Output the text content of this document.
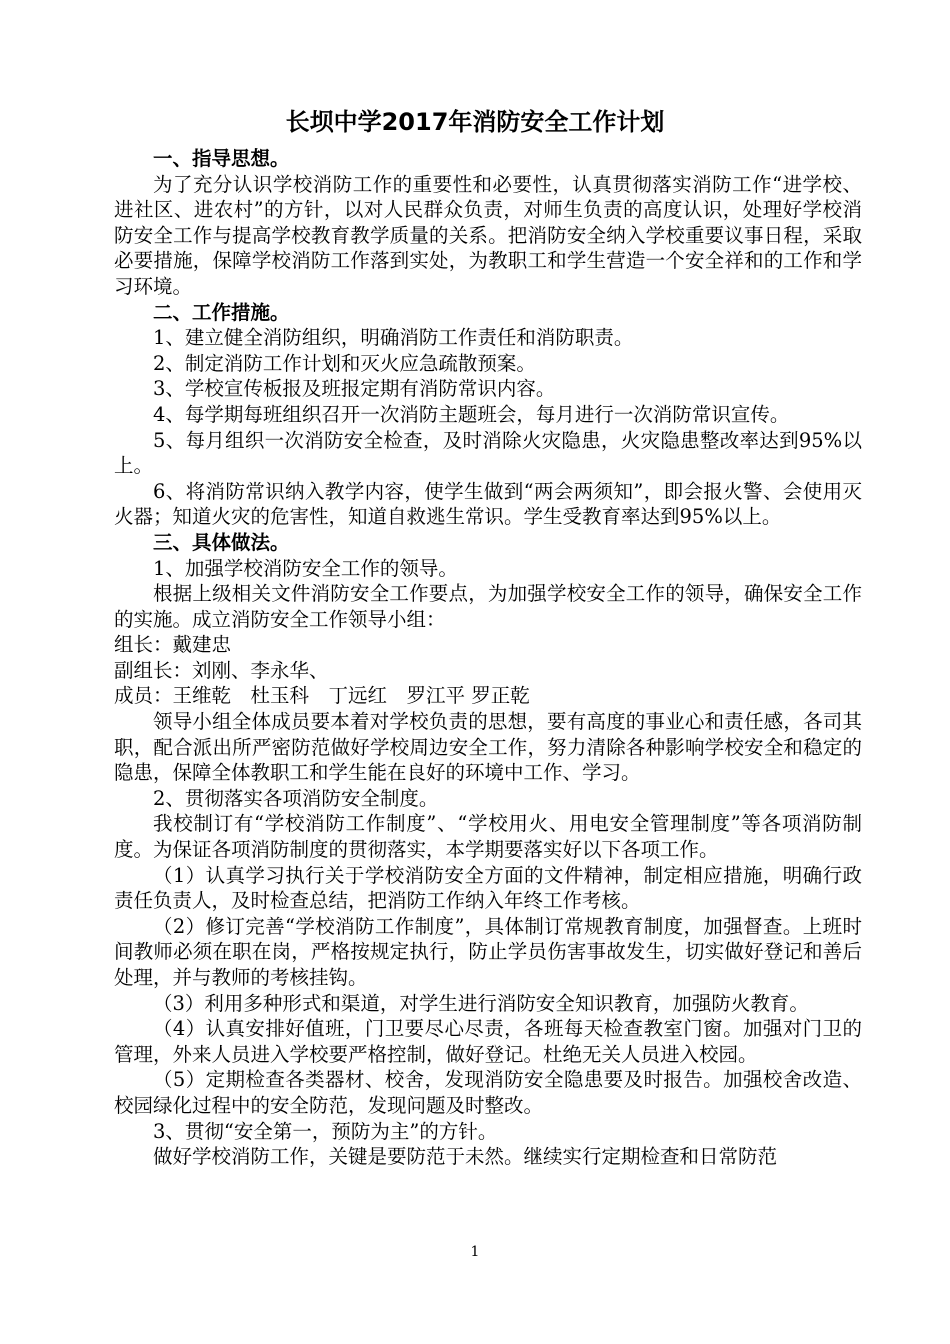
长坝中学2017年消防安全工作计划

一、指导思想。

为了充分认识学校消防工作的重要性和必要性，认真贯彻落实消防工作“进学校、进社区、进农村”的方针，以对人民群众负责，对师生负责的高度认识，处理好学校消防安全工作与提高学校教育教学质量的关系。把消防安全纳入学校重要议事日程，采取必要措施，保障学校消防工作落到实处，为教职工和学生营造一个安全祥和的工作和学习环境。

二、工作措施。

1、建立健全消防组织，明确消防工作责任和消防职责。

2、制定消防工作计划和灭火应急疏散预案。

3、学校宣传板报及班报定期有消防常识内容。

4、每学期每班组织召开一次消防主题班会，每月进行一次消防常识宣传。

5、每月组织一次消防安全检查，及时消除火灾隐患，火灾隐患整改率达到95%以上。

6、将消防常识纳入教学内容，使学生做到“两会两须知”，即会报火警、会使用灭火器；知道火灾的危害性，知道自救逃生常识。学生受教育率达到95%以上。

三、具体做法。

1、加强学校消防安全工作的领导。

根据上级相关文件消防安全工作要点，为加强学校安全工作的领导，确保安全工作的实施。成立消防安全工作领导小组：

组长：戴建忠

副组长：刘刚、李永华、

成员：王维乾　杜玉科　丁远红　罗江平 罗正乾

领导小组全体成员要本着对学校负责的思想，要有高度的事业心和责任感，各司其职，配合派出所严密防范做好学校周边安全工作，努力清除各种影响学校安全和稳定的隐患，保障全体教职工和学生能在良好的环境中工作、学习。

2、贯彻落实各项消防安全制度。

我校制订有“学校消防工作制度”、“学校用火、用电安全管理制度”等各项消防制度。为保证各项消防制度的贯彻落实，本学期要落实好以下各项工作。

（1）认真学习执行关于学校消防安全方面的文件精神，制定相应措施，明确行政责任负责人，及时检查总结，把消防工作纳入年终工作考核。

（2）修订完善“学校消防工作制度”，具体制订常规教育制度，加强督查。上班时间教师必须在职在岗，严格按规定执行，防止学员伤害事故发生，切实做好登记和善后处理，并与教师的考核挂钩。

（3）利用多种形式和渠道，对学生进行消防安全知识教育，加强防火教育。

（4）认真安排好值班，门卫要尽心尽责，各班每天检查教室门窗。加强对门卫的管理，外来人员进入学校要严格控制，做好登记。杜绝无关人员进入校园。

（5）定期检查各类器材、校舍，发现消防安全隐患要及时报告。加强校舍改造、校园绿化过程中的安全防范，发现问题及时整改。

3、贯彻“安全第一，预防为主”的方针。

做好学校消防工作，关键是要防范于未然。继续实行定期检查和日常防范

1
